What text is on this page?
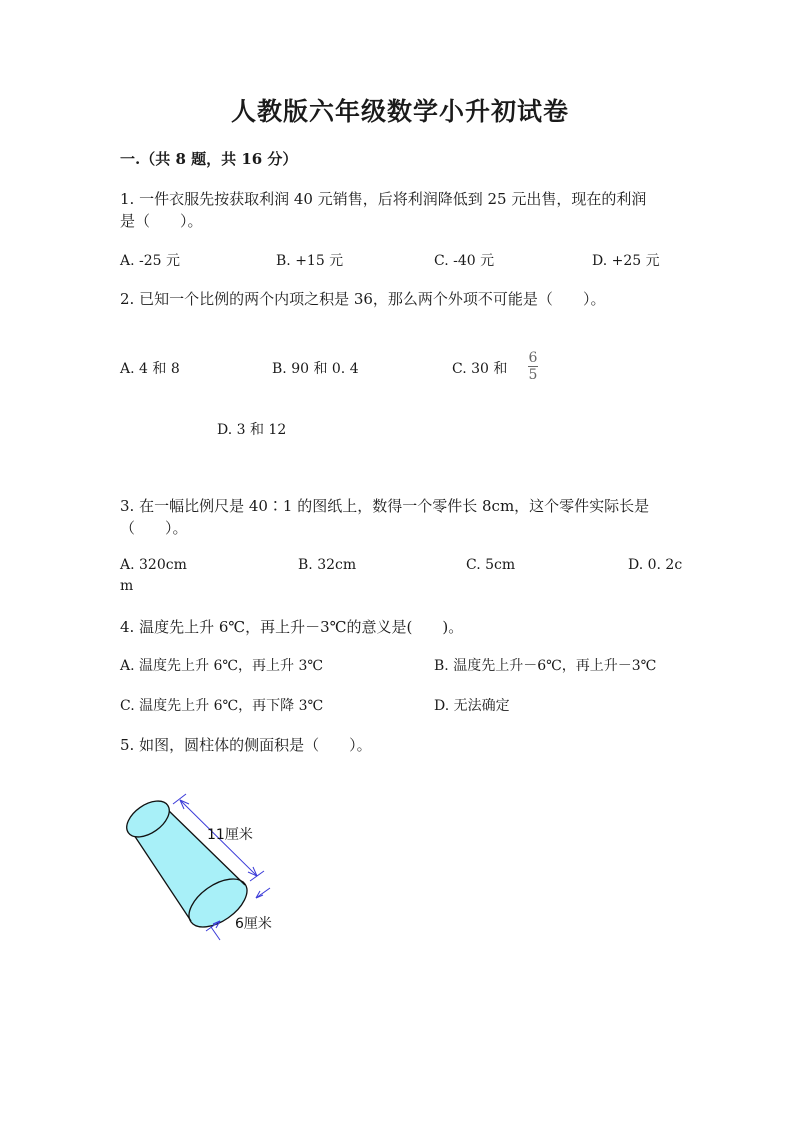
人教版六年级数学小升初试卷
一.（共 8 题，共 16 分）
1. 一件衣服先按获取利润 40 元销售，后将利润降低到 25 元出售，现在的利润
是（　　）。
A. -25 元	B. +15 元	C. -40 元	D. +25 元
2. 已知一个比例的两个内项之积是 36，那么两个外项不可能是（　　）。
A. 4 和 8	B. 90 和 0. 4	C. 30 和
6
5
D. 3 和 12
3. 在一幅比例尺是 40∶1 的图纸上，数得一个零件长 8cm，这个零件实际长是
（　　）。
A. 320cm	B. 32cm	C. 5cm	D. 0. 2c
m
4. 温度先上升 6℃，再上升－3℃的意义是(　　)。
A. 温度先上升 6℃，再上升 3℃	B. 温度先上升－6℃，再上升－3℃
C. 温度先上升 6℃，再下降 3℃	D. 无法确定
5. 如图，圆柱体的侧面积是（　　）。
11厘米
6厘米
